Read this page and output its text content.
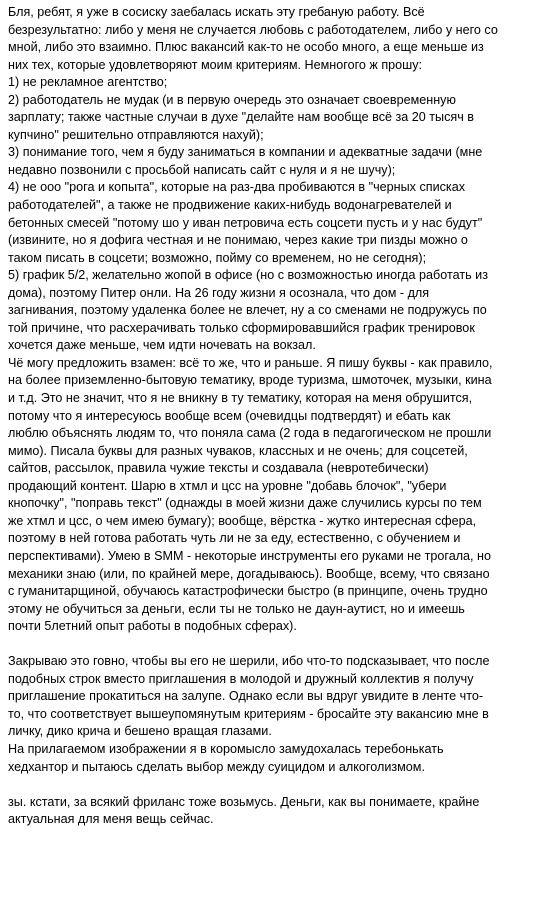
Бля, ребят, я уже в сосиску заебалась искать эту гребаную работу. Всё
безрезультатно: либо у меня не случается любовь с работодателем, либо у него со
мной, либо это взаимно. Плюс вакансий как-то не особо много, а еще меньше из
них тех, которые удовлетворяют моим критериям. Немногого ж прошу:
1) не рекламное агентство;
2) работодатель не мудак (и в первую очередь это означает своевременную
зарплату; также частные случаи в духе "делайте нам вообще всё за 20 тысяч в
купчино" решительно отправляются нахуй);
3) понимание того, чем я буду заниматься в компании и адекватные задачи (мне
недавно позвонили с просьбой написать сайт с нуля и я не шучу);
4) не ооо "рога и копыта", которые на раз-два пробиваются в "черных списках
работодателей", а также не продвижение каких-нибудь водонагревателей и
бетонных смесей "потому шо у иван петровича есть соцсети пусть и у нас будут"
(извините, но я дофига честная и не понимаю, через какие три пизды можно о
таком писать в соцсети; возможно, пойму со временем, но не сегодня);
5) график 5/2, желательно жопой в офисе (но с возможностью иногда работать из
дома), поэтому Питер онли. На 26 году жизни я осознала, что дом - для
загнивания, поэтому удаленка более не влечет, ну а со сменами не подружусь по
той причине, что расхерачивать только сформировавшийся график тренировок
хочется даже меньше, чем идти ночевать на вокзал.
Чё могу предложить взамен: всё то же, что и раньше. Я пишу буквы - как правило,
на более приземленно-бытовую тематику, вроде туризма, шмоточек, музыки, кина
и т.д. Это не значит, что я не вникну в ту тематику, которая на меня обрушится,
потому что я интересуюсь вообще всем (очевидцы подтвердят) и ебать как
люблю объяснять людям то, что поняла сама (2 года в педагогическом не прошли
мимо). Писала буквы для разных чуваков, классных и не очень; для соцсетей,
сайтов, рассылок, правила чужие тексты и создавала (невротебически)
продающий контент. Шарю в хтмл и цсс на уровне "добавь блочок", "убери
кнопочку", "поправь текст" (однажды в моей жизни даже случились курсы по тем
же хтмл и цсс, о чем имею бумагу); вообще, вёрстка - жутко интересная сфера,
поэтому в ней готова работать чуть ли не за еду, естественно, с обучением и
перспективами). Умею в SMM - некоторые инструменты его руками не трогала, но
механики знаю (или, по крайней мере, догадываюсь). Вообще, всему, что связано
с гуманитарщиной, обучаюсь катастрофически быстро (в принципе, очень трудно
этому не обучиться за деньги, если ты не только не даун-аутист, но и имеешь
почти 5летний опыт работы в подобных сферах).
Закрываю это говно, чтобы вы его не шерили, ибо что-то подсказывает, что после
подобных строк вместо приглашения в молодой и дружный коллектив я получу
приглашение прокатиться на залупе. Однако если вы вдруг увидите в ленте что-
то, что соответствует вышеупомянутым критериям - бросайте эту вакансию мне в
личку, дико крича и бешено вращая глазами.
На прилагаемом изображении я в коромысло замудохалась теребонькать
хедхантор и пытаюсь сделать выбор между суицидом и алкоголизмом.
зы. кстати, за всякий фриланс тоже возьмусь. Деньги, как вы понимаете, крайне
актуальная для меня вещь сейчас.
